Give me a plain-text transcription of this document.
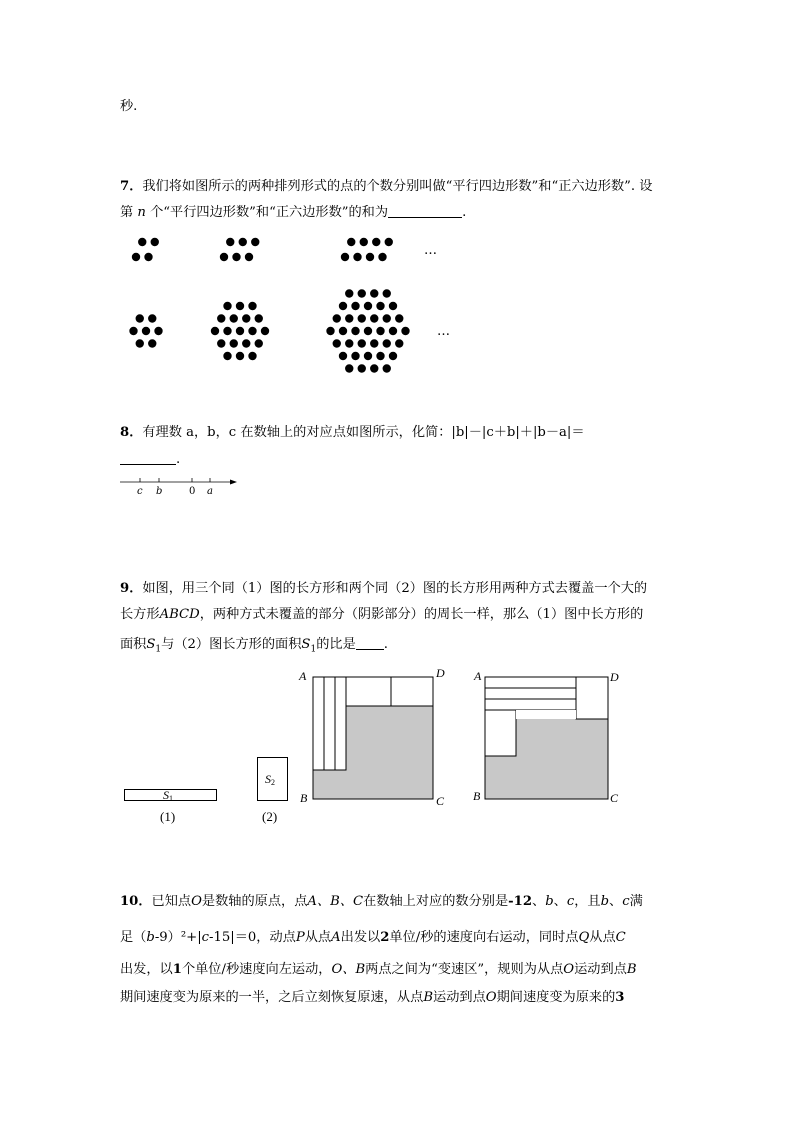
秒.
7．我们将如图所示的两种排列形式的点的个数分别叫做“平行四边形数”和“正六边形数”. 设
第 n 个“平行四边形数”和“正六边形数”的和为	.
…
…
8．有理数 a，b，c 在数轴上的对应点如图所示，化简：|b|－|c＋b|＋|b－a|＝
.
c b	0 a
9．如图，用三个同（1）图的长方形和两个同（2）图的长方形用两种方式去覆盖一个大的
长方形ABCD，两种方式未覆盖的部分（阴影部分）的周长一样，那么（1）图中长方形的
面积$S_1$与（2）图长方形的面积$S_1$的比是 .
S1
(1)
S2
(2)
A	D
B	C
A	D
B	C
10．已知点O是数轴的原点，点A、B、C在数轴上对应的数分别是-12、b、c，且b、c满
足（b-9）²+|c-15|＝0，动点P从点A出发以2单位/秒的速度向右运动，同时点Q从点C
出发，以1个单位/秒速度向左运动，O、B两点之间为“变速区”，规则为从点O运动到点B
期间速度变为原来的一半，之后立刻恢复原速，从点B运动到点O期间速度变为原来的3
